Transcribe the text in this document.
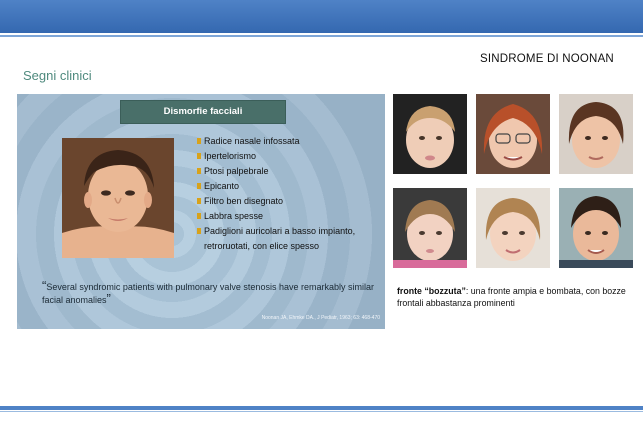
SINDROME DI NOONAN
Segni clinici
Dismorfie facciali
Radice nasale infossata
Ipertelorismo
Ptosi palpebrale
Epicanto
Filtro ben disegnato
Labbra spesse
Padiglioni auricolari a basso impianto,
retroruotati, con elice spesso
“Several syndromic patients with pulmonary valve stenosis have remarkably similar facial anomalies”
Noonan JA, Ehmke DA., J Pediatr, 1963; 63: 468-470
fronte “bozzuta”: una fronte ampia e bombata, con bozze frontali abbastanza prominenti
